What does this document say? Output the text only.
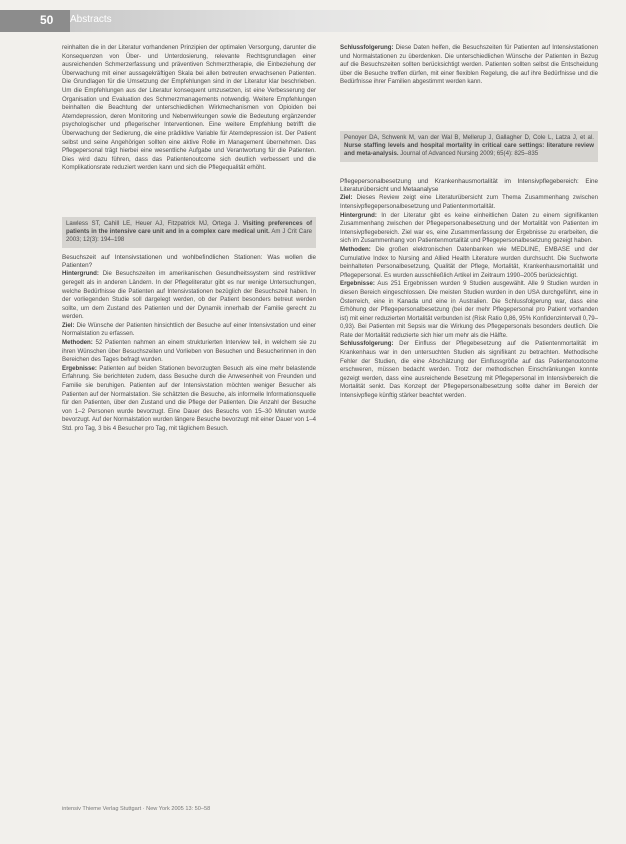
50 Abstracts

reinhalten die in der Literatur vorhandenen Prinzipien der optimalen Versorgung, darunter die Konsequenzen von Über- und Unterdosierung, relevante Rechtsgrundlagen einer ausreichenden Schmerzerfassung und präventiven Schmerztherapie, die Einbeziehung der Überwachung mit einer aussagekräftigen Skala bei allen betreuten erwachsenen Patienten. Die Grundlagen für die Umsetzung der Empfehlungen sind in der Literatur klar beschrieben. Um die Empfehlungen aus der Literatur konsequent umzusetzen, ist eine Verbesserung der Organisation und Evaluation des Schmerzmanagements notwendig. Weitere Empfehlungen beinhalten die Beachtung der unterschiedlichen Wirkmechanismen von Opioiden bei Atemdepression, deren Monitoring und Nebenwirkungen sowie die Bedeutung ergänzender psychologischer und pflegerischer Interventionen. Eine weitere Empfehlung betrifft die Überwachung der Sedierung, die eine prädiktive Variable für Atemdepression ist. Der Patient selbst und seine Angehörigen sollten eine aktive Rolle im Management übernehmen. Das Pflegepersonal trägt hierbei eine wesentliche Aufgabe und Verantwortung für die Patienten. Dies wird dazu führen, dass das Patientenoutcome sich deutlich verbessert und die Komplikationsrate reduziert werden kann und sich die Pflegequalität erhöht.

Lawless ST, Cahill LE, Heuer AJ, Fitzpatrick MJ, Ortega J. Visiting preferences of patients in the intensive care unit and in a complex care medical unit. Am J Crit Care 2003; 12(3): 194–198

Besuchszeit auf Intensivstationen und wohlbefindlichen Stationen: Was wollen die Patienten?

Hintergrund: Die Besuchszeiten im amerikanischen Gesundheitssystem sind restriktiver geregelt als in anderen Ländern. In der Pflegeliteratur gibt es nur wenige Untersuchungen, welche Bedürfnisse die Patienten auf Intensivstationen bezüglich der Besuchszeit haben. In der vorliegenden Studie soll dargelegt werden, ob der Patient besonders betreut werden sollte, um dem Zustand des Patienten und der Dynamik innerhalb der Familie gerecht zu werden.

Ziel: Die Wünsche der Patienten hinsichtlich der Besuche auf einer Intensivstation und einer Normalstation zu erfassen.

Methoden: 52 Patienten nahmen an einem strukturierten Interview teil, in welchem sie zu ihren Wünschen über Besuchszeiten und Vorlieben von Besuchen und Besucherinnen in den Bereichen des Tages befragt wurden.

Ergebnisse: Patienten auf beiden Stationen bevorzugten Besuch als eine mehr belastende Erfahrung. Sie berichteten zudem, dass Besuche durch die Anwesenheit von Freunden und Familie sie beruhigen. Patienten auf der Intensivstation möchten weniger Besucher als Patienten auf der Normalstation. Sie schätzten die Besuche, als informelle Informationsquelle für den Patienten, über den Zustand und die Pflege der Patienten. Die Anzahl der Besuche von 1–2 Personen wurde bevorzugt. Eine Dauer des Besuchs von 15–30 Minuten wurde bevorzugt. Auf der Normalstation wurden längere Besuche bevorzugt mit einer Dauer von 1–4 Std. pro Tag, 3 bis 4 Besucher pro Tag, mit täglichem Besuch.

Schlussfolgerung: Diese Daten helfen, die Besuchszeiten für Patienten auf Intensivstationen und Normalstationen zu überdenken. Die unterschiedlichen Wünsche der Patienten in Bezug auf die Besuchszeiten sollten berücksichtigt werden. Patienten sollten selbst die Entscheidung über die Besuche treffen dürfen, mit einer flexiblen Regelung, die auf ihre Bedürfnisse und die Bedürfnisse ihrer Familien abgestimmt werden kann.

Penoyer DA, Schwenk M, van der Wal B, Mellerup J, Gallagher D, Cole L, Latza J, et al. Nurse staffing levels and hospital mortality in critical care settings: literature review and meta-analysis. Journal of Advanced Nursing 2009; 65(4): 825–835

Pflegepersonalbesetzung und Krankenhausmortalität im Intensivpflegebereich: Eine Literaturübersicht und Metaanalyse

Ziel: Dieses Review zeigt eine Literaturübersicht zum Thema Zusammenhang zwischen Intensivpflegepersonalbesetzung und Patientenmortalität.

Hintergrund: In der Literatur gibt es keine einheitlichen Daten zu einem signifikanten Zusammenhang zwischen der Pflegepersonalbesetzung und der Mortalität von Patienten im Intensivpflegebereich. Ziel war es, eine Zusammenfassung der Ergebnisse zu erarbeiten, die sich im Zusammenhang von Patientenmortalität und Pflegepersonalbesetzung gezeigt haben.

Methoden: Die großen elektronischen Datenbanken wie MEDLINE, EMBASE und der Cumulative Index to Nursing and Allied Health Literature wurden durchsucht. Die Suchworte beinhalteten Personalbesetzung, Qualität der Pflege, Mortalität, Krankenhausmortalität und Pflegepersonal. Es wurden ausschließlich Artikel im Zeitraum 1990–2005 berücksichtigt.

Ergebnisse: Aus 251 Ergebnissen wurden 9 Studien ausgewählt. Alle 9 Studien wurden in diesen Bereich eingeschlossen. Die meisten Studien wurden in den USA durchgeführt, eine in Österreich, eine in Kanada und eine in Australien. Die Schlussfolgerung war, dass eine Erhöhung der Pflegepersonalbesetzung (bei der mehr Pflegepersonal pro Patient vorhanden ist) mit einer reduzierten Mortalität verbunden ist (Risk Ratio 0,86, 95% Konfidenzintervall 0,79–0,93). Bei Patienten mit Sepsis war die Wirkung des Pflegepersonals besonders deutlich. Die Rate der Mortalität reduzierte sich hier um mehr als die Hälfte.

Schlussfolgerung: Der Einfluss der Pflegebesetzung auf die Patientenmortalität im Krankenhaus war in den untersuchten Studien als signifikant zu betrachten. Methodische Fehler der Studien, die eine Abschätzung der Einflussgröße auf das Patientenoutcome erschweren, müssen bedacht werden. Trotz der methodischen Einschränkungen konnte gezeigt werden, dass eine ausreichende Besetzung mit Pflegepersonal im Intensivbereich die Mortalität senkt. Das Konzept der Pflegepersonalbesetzung sollte daher im Bereich der Intensivpflege künftig stärker beachtet werden.

intensiv Thieme Verlag Stuttgart · New York 2005 13: 50–58
